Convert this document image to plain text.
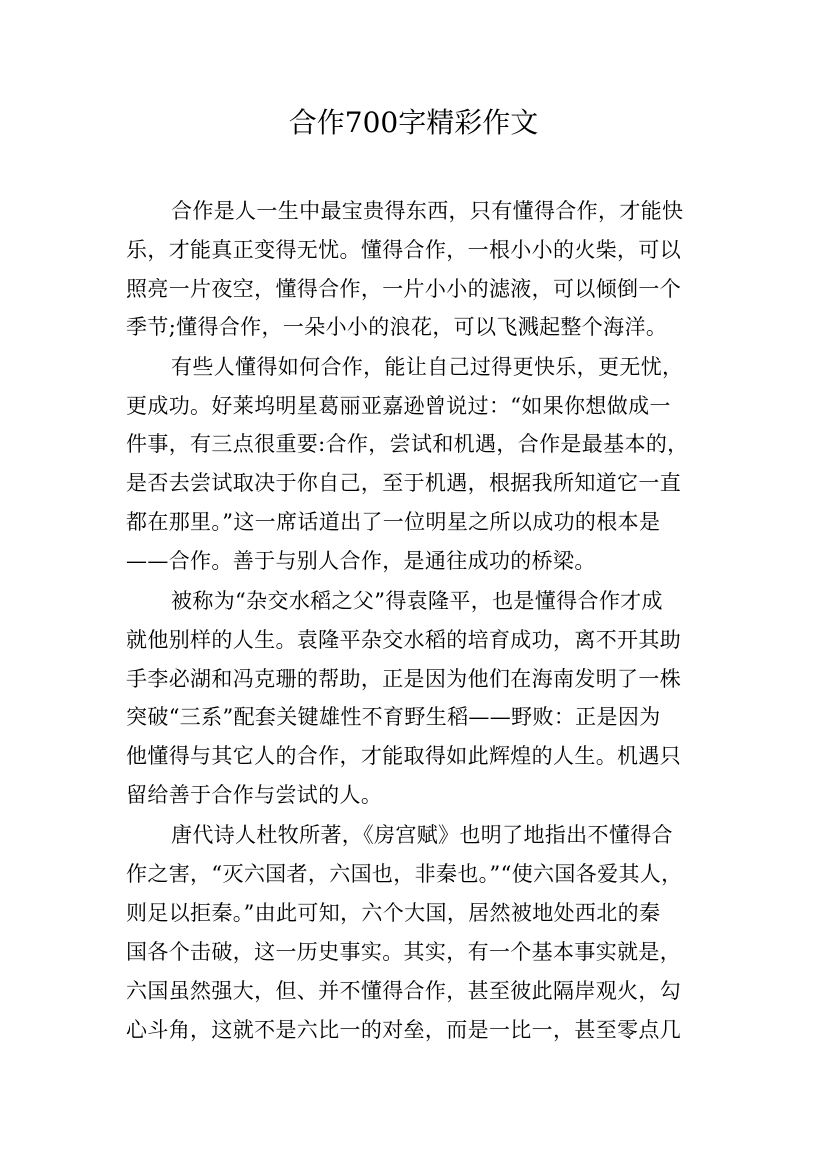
合作700字精彩作文
合作是人一生中最宝贵得东西，只有懂得合作，才能快
乐，才能真正变得无忧。懂得合作，一根小小的火柴，可以
照亮一片夜空，懂得合作，一片小小的滤液，可以倾倒一个
季节;懂得合作，一朵小小的浪花，可以飞溅起整个海洋。
有些人懂得如何合作，能让自己过得更快乐，更无忧，
更成功。好莱坞明星葛丽亚嘉逊曾说过：“如果你想做成一
件事，有三点很重要:合作，尝试和机遇，合作是最基本的，
是否去尝试取决于你自己，至于机遇，根据我所知道它一直
都在那里。”这一席话道出了一位明星之所以成功的根本是
——合作。善于与别人合作，是通往成功的桥梁。
被称为“杂交水稻之父”得袁隆平，也是懂得合作才成
就他别样的人生。袁隆平杂交水稻的培育成功，离不开其助
手李必湖和冯克珊的帮助，正是因为他们在海南发明了一株
突破“三系”配套关键雄性不育野生稻——野败：正是因为
他懂得与其它人的合作，才能取得如此辉煌的人生。机遇只
留给善于合作与尝试的人。
唐代诗人杜牧所著，《房宫赋》也明了地指出不懂得合
作之害，“灭六国者，六国也，非秦也。”“使六国各爱其人，
则足以拒秦。”由此可知，六个大国，居然被地处西北的秦
国各个击破，这一历史事实。其实，有一个基本事实就是，
六国虽然强大，但、并不懂得合作，甚至彼此隔岸观火，勾
心斗角，这就不是六比一的对垒，而是一比一，甚至零点几
